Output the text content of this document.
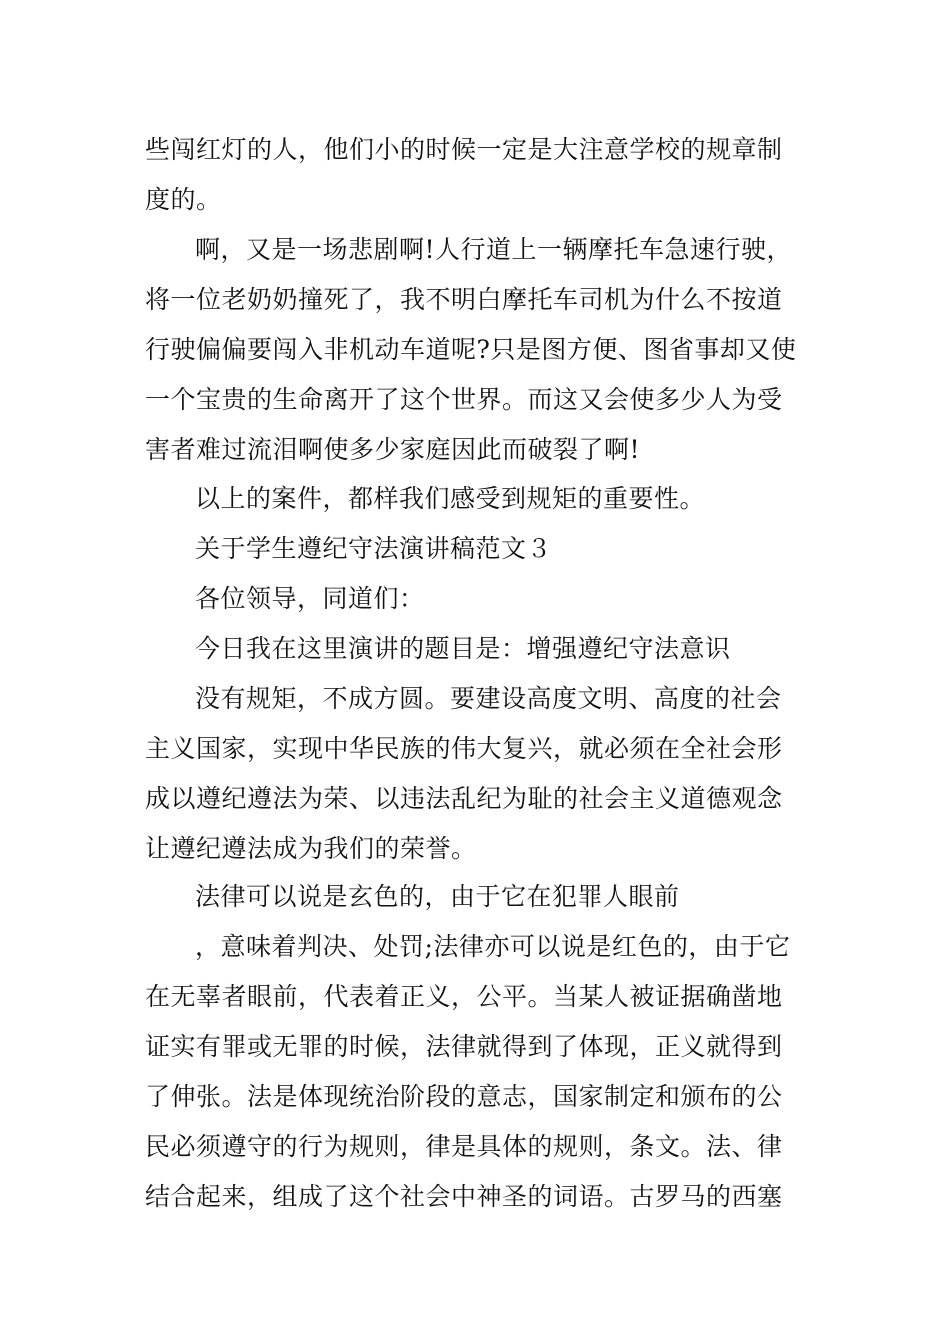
些闯红灯的人，他们小的时候一定是大注意学校的规章制
度的。
啊，又是一场悲剧啊!人行道上一辆摩托车急速行驶，
将一位老奶奶撞死了，我不明白摩托车司机为什么不按道
行驶偏偏要闯入非机动车道呢?只是图方便、图省事却又使
一个宝贵的生命离开了这个世界。而这又会使多少人为受
害者难过流泪啊使多少家庭因此而破裂了啊!
以上的案件，都样我们感受到规矩的重要性。
关于学生遵纪守法演讲稿范文３
各位领导，同道们：
今日我在这里演讲的题目是：增强遵纪守法意识
没有规矩，不成方圆。要建设高度文明、高度的社会
主义国家，实现中华民族的伟大复兴，就必须在全社会形
成以遵纪遵法为荣、以违法乱纪为耻的社会主义道德观念
让遵纪遵法成为我们的荣誉。
法律可以说是玄色的，由于它在犯罪人眼前
，意味着判决、处罚;法律亦可以说是红色的，由于它
在无辜者眼前，代表着正义，公平。当某人被证据确凿地
证实有罪或无罪的时候，法律就得到了体现，正义就得到
了伸张。法是体现统治阶段的意志，国家制定和颁布的公
民必须遵守的行为规则，律是具体的规则，条文。法、律
结合起来，组成了这个社会中神圣的词语。古罗马的西塞
